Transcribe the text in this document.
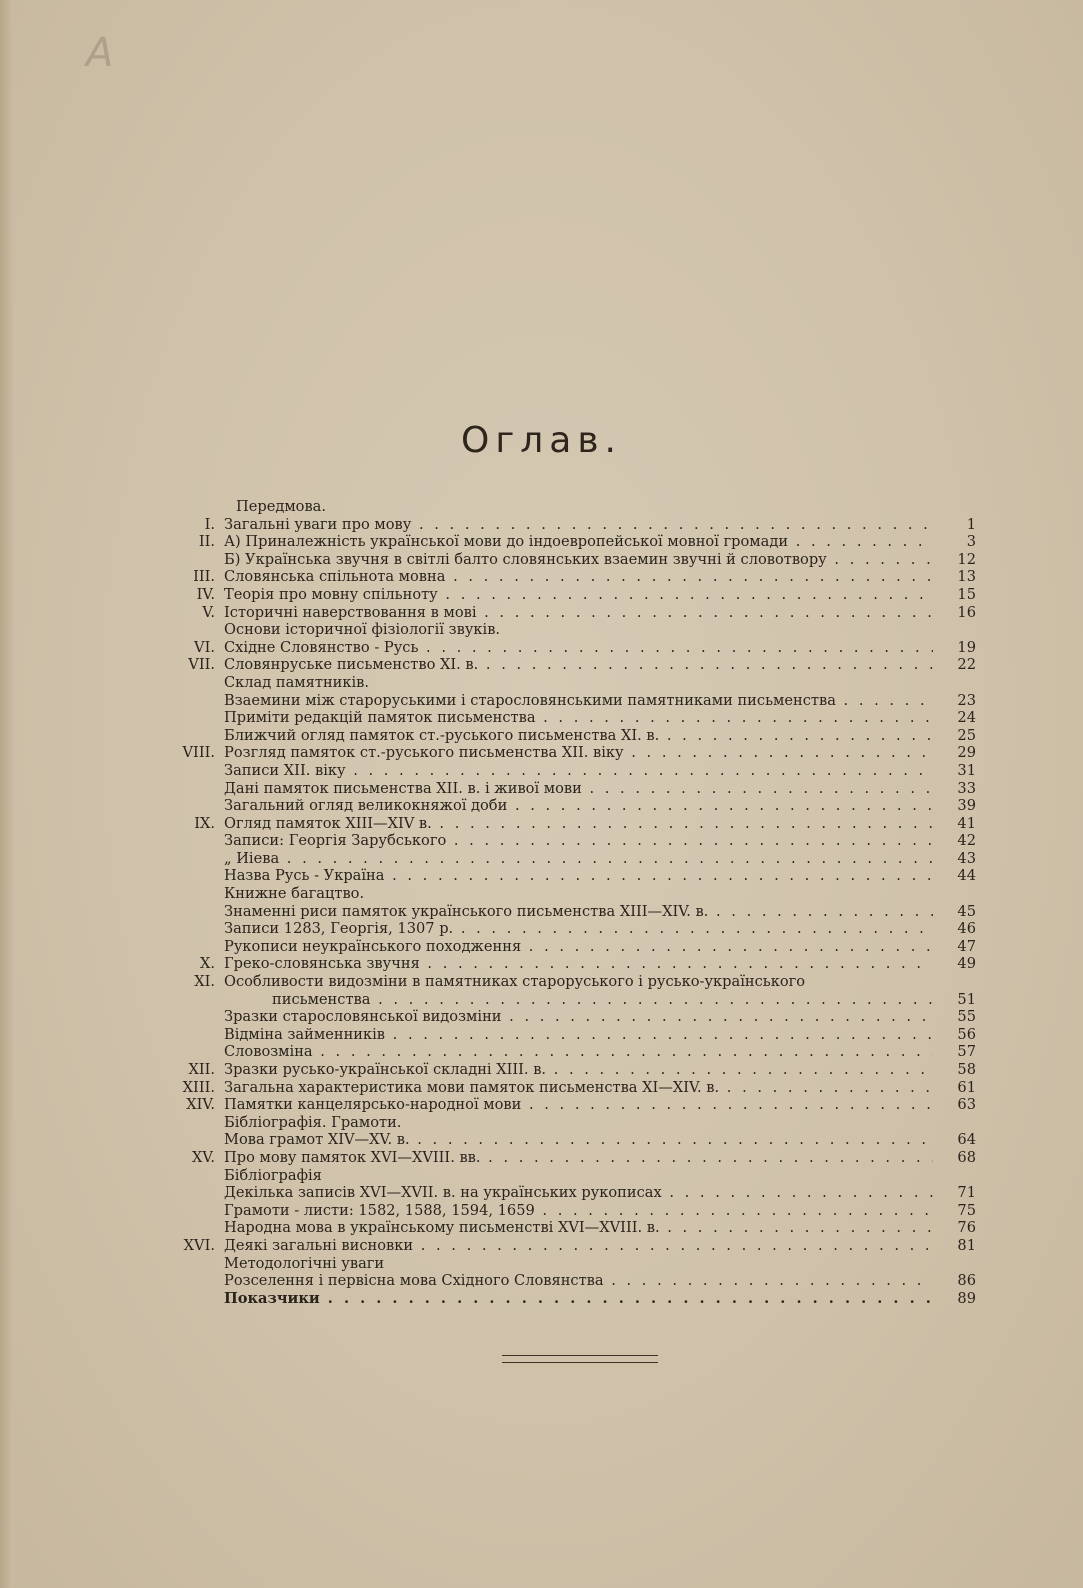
A
Оглав.
Передмова.
I. Загальні уваги про мову . .	1
II. А) Приналежність української мови до індоевропейської мовної громади . .	3
Б) Українська звучня в світлі балто словянських взаемин звучні й словотвору . .	12
III. Словянська спільнота мовна . .	13
IV. Теорія про мовну спільноту . .	15
V. Історичні наверствовання в мові . .	16
Основи історичної фізіології звуків.
VI. Східне Словянство - Русь . .	19
VII. Словянруське письменство XI. в. . .	22
Склад памятників.
Взаемини між староруськими і старословянськими памятниками письменства . .	23
Приміти редакцій памяток письменства . .	24
Ближчий огляд памяток ст.-руського письменства XI. в. . .	25
VIII. Розгляд памяток ст.-руського письменства XII. віку . .	29
Записи XII. віку . .	31
Дані памяток письменства XII. в. і живої мови . .	33
Загальний огляд великокняжої доби . .	39
IX. Огляд памяток XIII—XIV в. . .	41
Записи: Георгія Зарубського . .	42
„ Иіева . .	43
Назва Русь - Україна . .	44
Книжне багацтво.
Знаменні риси памяток українського письменства XIII—XIV. в. . .	45
Записи 1283, Георгія, 1307 р. . .	46
Рукописи неукраїнського походження . .	47
X. Греко-словянська звучня . .	49
XI. Особливости видозміни в памятниках староруського і русько-українського
письменства . .	51
Зразки старословянської видозміни . .	55
Відміна займенників . .	56
Словозміна . .	57
XII. Зразки русько-української складні XIII. в. . .	58
XIII. Загальна характеристика мови памяток письменства XI—XIV. в. . .	61
XIV. Памятки канцелярсько-народної мови . .	63
Бібліографія. Грамоти.
Мова грамот XIV—XV. в. . .	64
XV. Про мову памяток XVI—XVIII. вв. . .	68
Бібліографія
Декілька записів XVI—XVII. в. на українських рукописах . .	71
Грамоти - листи: 1582, 1588, 1594, 1659 . .	75
Народна мова в українському письменстві XVI—XVIII. в. . .	76
XVI. Деякі загальні висновки . .	81
Методологічні уваги
Розселення і первісна мова Східного Словянства . .	86
Показчики . .	89
